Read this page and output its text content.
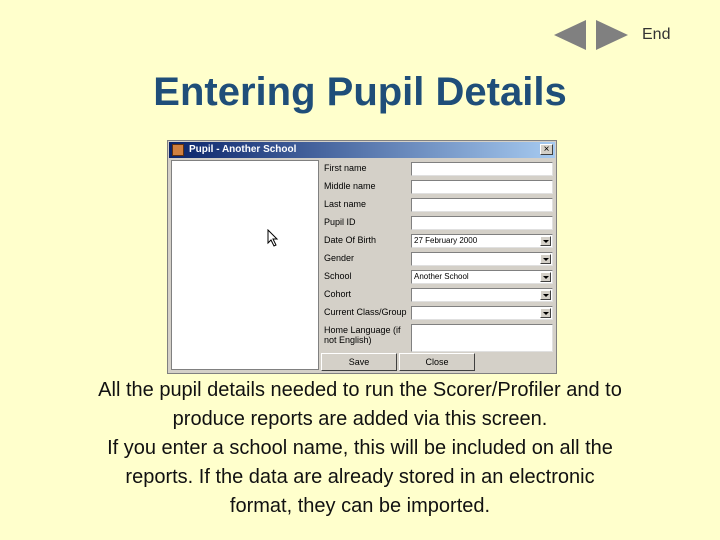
End
Entering Pupil Details
Pupil - Another School	×
First name
Middle name
Last name
Pupil ID
Date Of Birth	27 February 2000
Gender
School	Another School
Cohort
Current Class/Group
Home Language (if not English)
Save	Close

All the pupil details needed to run the Scorer/Profiler and to
produce reports are added via this screen.
If you enter a school name, this will be included on all the
reports. If the data are already stored in an electronic
format, they can be imported.
